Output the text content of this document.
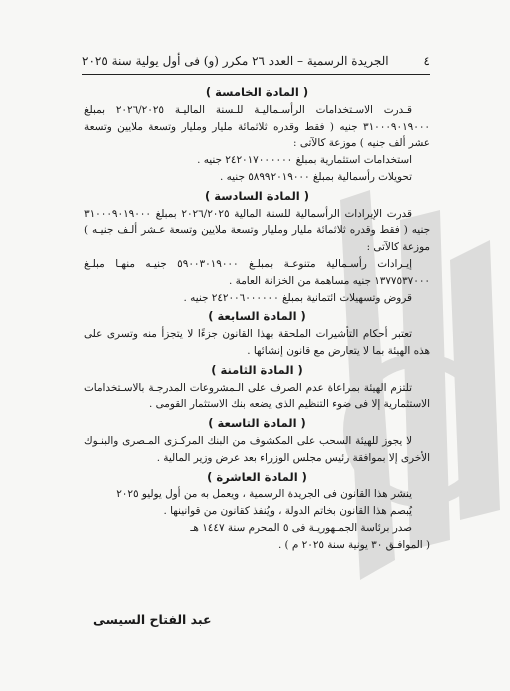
٤
الجريدة الرسمية – العدد ٢٦ مكرر (و) فى أول يولية سنة ٢٠٢٥
( المادة الخامسة )

قـدرت الاسـتخدامات الرأسـماليـة للـسنة الماليـة ٢٠٢٦/٢٠٢٥ بمبلغ ٣١٠٠٠٩٠١٩٠٠٠ جنيه ( فقط وقدره ثلاثمائة مليار ومليار وتسعة ملايين وتسعة عشر ألف جنيه ) موزعة كالآتى :

استخدامات استثمارية بمبلغ ٢٤٢٠١٧٠٠٠٠٠٠ جنيه .

تحويلات رأسمالية بمبلغ ٥٨٩٩٢٠١٩٠٠٠ جنيه .

( المادة السادسة )

قدرت الإيرادات الرأسمالية للسنة المالية ٢٠٢٦/٢٠٢٥ بمبلغ ٣١٠٠٠٩٠١٩٠٠٠ جنيه ( فقط وقدره ثلاثمائة مليار ومليار وتسعة ملايين وتسعة عـشر ألـف جنيـه ) موزعة كالآتى :

إيـرادات رأسـمالية متنوعـة بمبلـغ ٥٩٠٠٣٠١٩٠٠٠ جنيـه منهـا مبلـغ ١٣٧٧٥٣٧٠٠٠ جنيه مساهمة من الخزانة العامة .

قروض وتسهيلات ائتمانية بمبلغ ٢٤٢٠٠٦٠٠٠٠٠٠ جنيه .

( المادة السابعة )

تعتبر أحكام التأشيرات الملحقة بهذا القانون جزءًا لا يتجزأ منه وتسرى على هذه الهيئة بما لا يتعارض مع قانون إنشائها .

( المادة الثامنة )

تلتزم الهيئة بمراعاة عدم الصرف على الـمشروعات المدرجـة بالاسـتخدامات الاستثمارية إلا فى ضوء التنظيم الذى يضعه بنك الاستثمار القومى .

( المادة التاسعة )

لا يجوز للهيئة السحب على المكشوف من البنك المركـزى المـصرى والبنـوك الأخرى إلا بموافقة رئيس مجلس الوزراء بعد عرض وزير المالية .

( المادة العاشرة )

ينشر هذا القانون فى الجريدة الرسمية ، ويعمل به من أول يوليو ٢٠٢٥

يُبصم هذا القانون بخاتم الدولة ، ويُنفذ كقانون من قوانينها .

صدر برئاسة الجمـهوريـة فى ٥ المحرم سنة ١٤٤٧ هـ

( الموافـق ٣٠ يونية سنة ٢٠٢٥ م ) .

عبد الفتاح السيسى
